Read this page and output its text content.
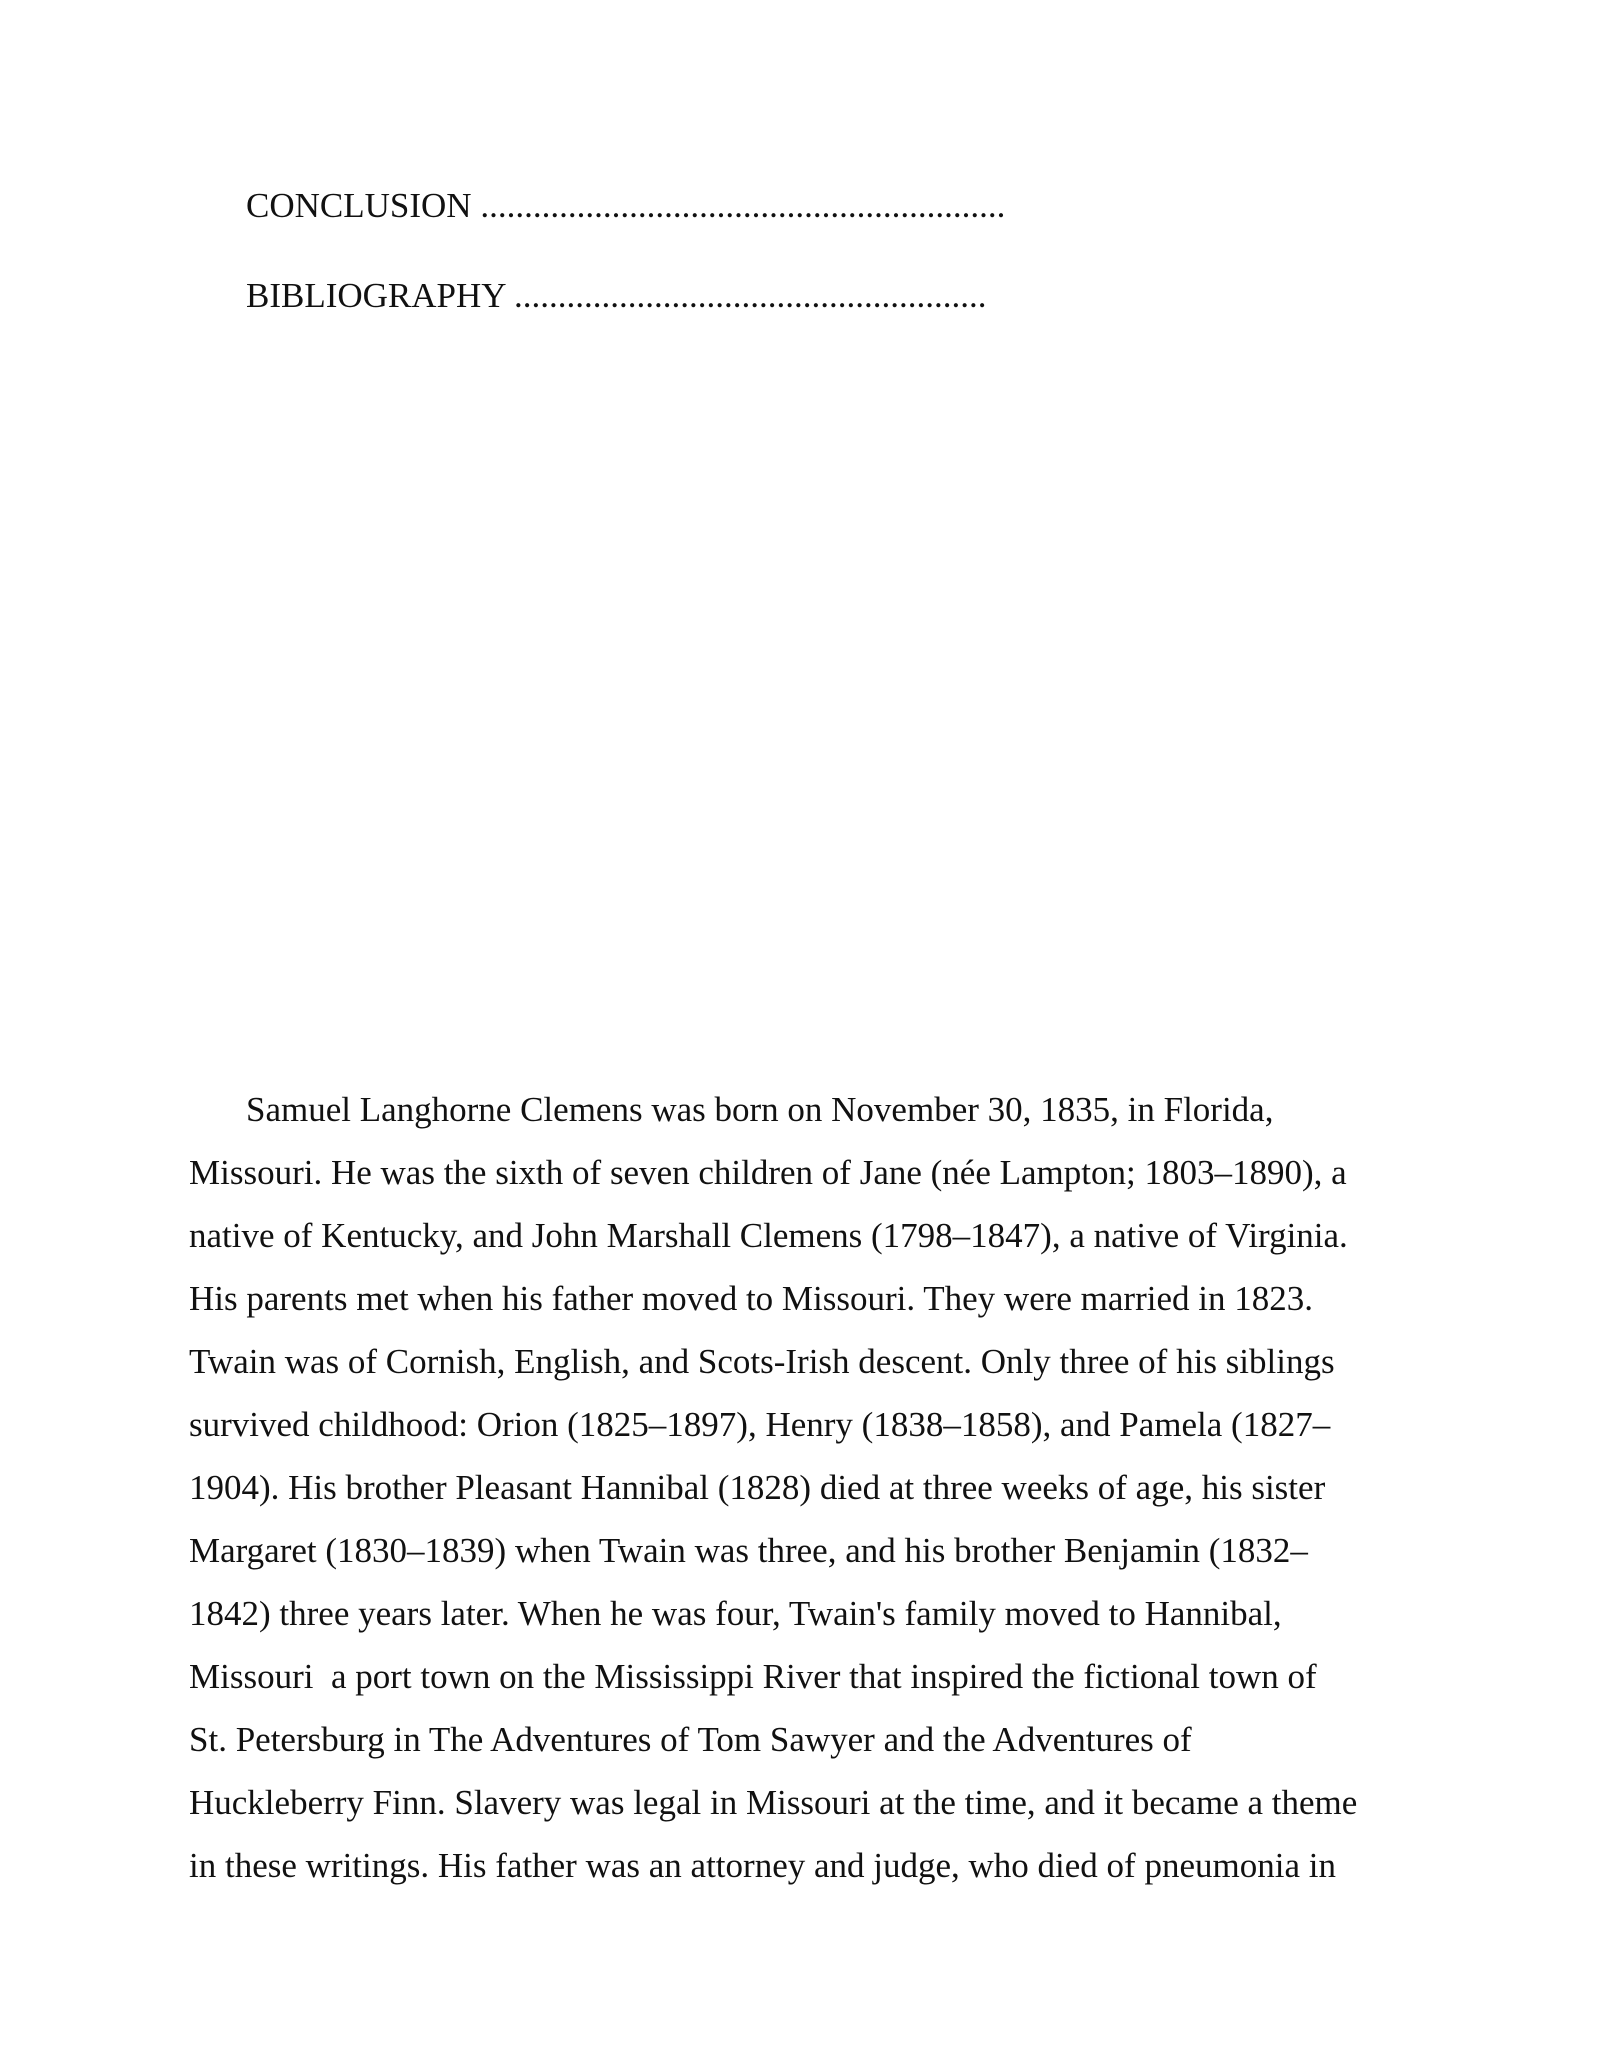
CONCLUSION ............................................................
BIBLIOGRAPHY ......................................................
Samuel Langhorne Clemens was born on November 30, 1835, in Florida,
Missouri. He was the sixth of seven children of Jane (née Lampton; 1803–1890), a
native of Kentucky, and John Marshall Clemens (1798–1847), a native of Virginia.
His parents met when his father moved to Missouri. They were married in 1823.
Twain was of Cornish, English, and Scots-Irish descent. Only three of his siblings
survived childhood: Orion (1825–1897), Henry (1838–1858), and Pamela (1827–
1904). His brother Pleasant Hannibal (1828) died at three weeks of age, his sister
Margaret (1830–1839) when Twain was three, and his brother Benjamin (1832–
1842) three years later. When he was four, Twain's family moved to Hannibal,
Missouri  a port town on the Mississippi River that inspired the fictional town of
St. Petersburg in The Adventures of Tom Sawyer and the Adventures of
Huckleberry Finn. Slavery was legal in Missouri at the time, and it became a theme
in these writings. His father was an attorney and judge, who died of pneumonia in
